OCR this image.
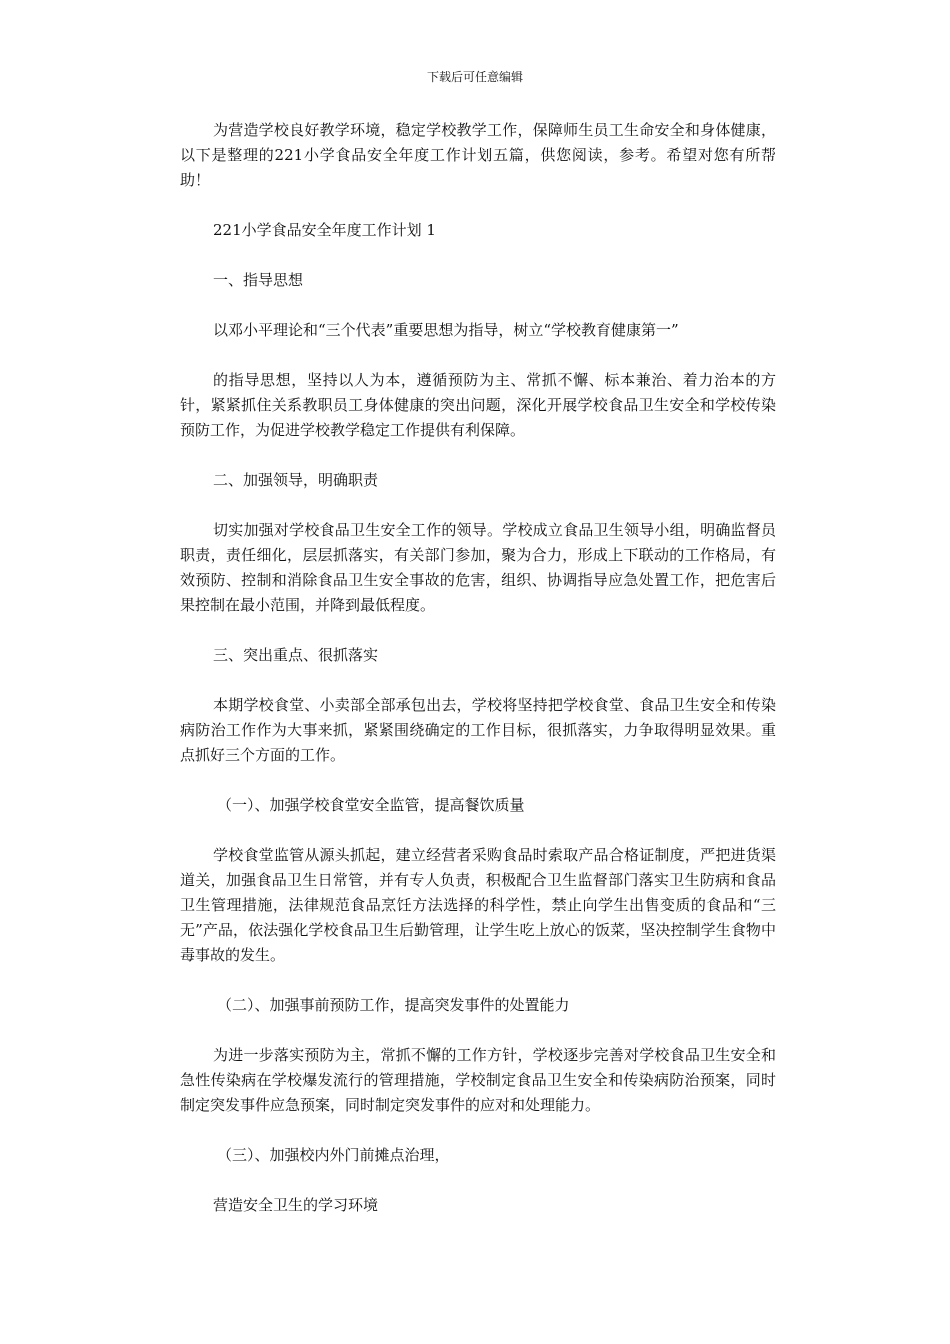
下载后可任意编辑

为营造学校良好教学环境，稳定学校教学工作，保障师生员工生命安全和身体健康，以下是整理的221小学食品安全年度工作计划五篇，供您阅读，参考。希望对您有所帮助！

221小学食品安全年度工作计划 1

一、指导思想

以邓小平理论和“三个代表”重要思想为指导，树立“学校教育健康第一”

的指导思想，坚持以人为本，遵循预防为主、常抓不懈、标本兼治、着力治本的方针，紧紧抓住关系教职员工身体健康的突出问题，深化开展学校食品卫生安全和学校传染预防工作，为促进学校教学稳定工作提供有利保障。

二、加强领导，明确职责

切实加强对学校食品卫生安全工作的领导。学校成立食品卫生领导小组，明确监督员职责，责任细化，层层抓落实，有关部门参加，聚为合力，形成上下联动的工作格局，有效预防、控制和消除食品卫生安全事故的危害，组织、协调指导应急处置工作，把危害后果控制在最小范围，并降到最低程度。

三、突出重点、很抓落实

本期学校食堂、小卖部全部承包出去，学校将坚持把学校食堂、食品卫生安全和传染病防治工作作为大事来抓，紧紧围绕确定的工作目标，很抓落实，力争取得明显效果。重点抓好三个方面的工作。

（一）、加强学校食堂安全监管，提高餐饮质量

学校食堂监管从源头抓起，建立经营者采购食品时索取产品合格证制度，严把进货渠道关，加强食品卫生日常管，并有专人负责，积极配合卫生监督部门落实卫生防病和食品卫生管理措施，法律规范食品烹饪方法选择的科学性，禁止向学生出售变质的食品和“三无”产品，依法强化学校食品卫生后勤管理，让学生吃上放心的饭菜，坚决控制学生食物中毒事故的发生。

（二）、加强事前预防工作，提高突发事件的处置能力

为进一步落实预防为主，常抓不懈的工作方针，学校逐步完善对学校食品卫生安全和急性传染病在学校爆发流行的管理措施，学校制定食品卫生安全和传染病防治预案，同时制定突发事件应急预案，同时制定突发事件的应对和处理能力。

（三）、加强校内外门前摊点治理，

营造安全卫生的学习环境
